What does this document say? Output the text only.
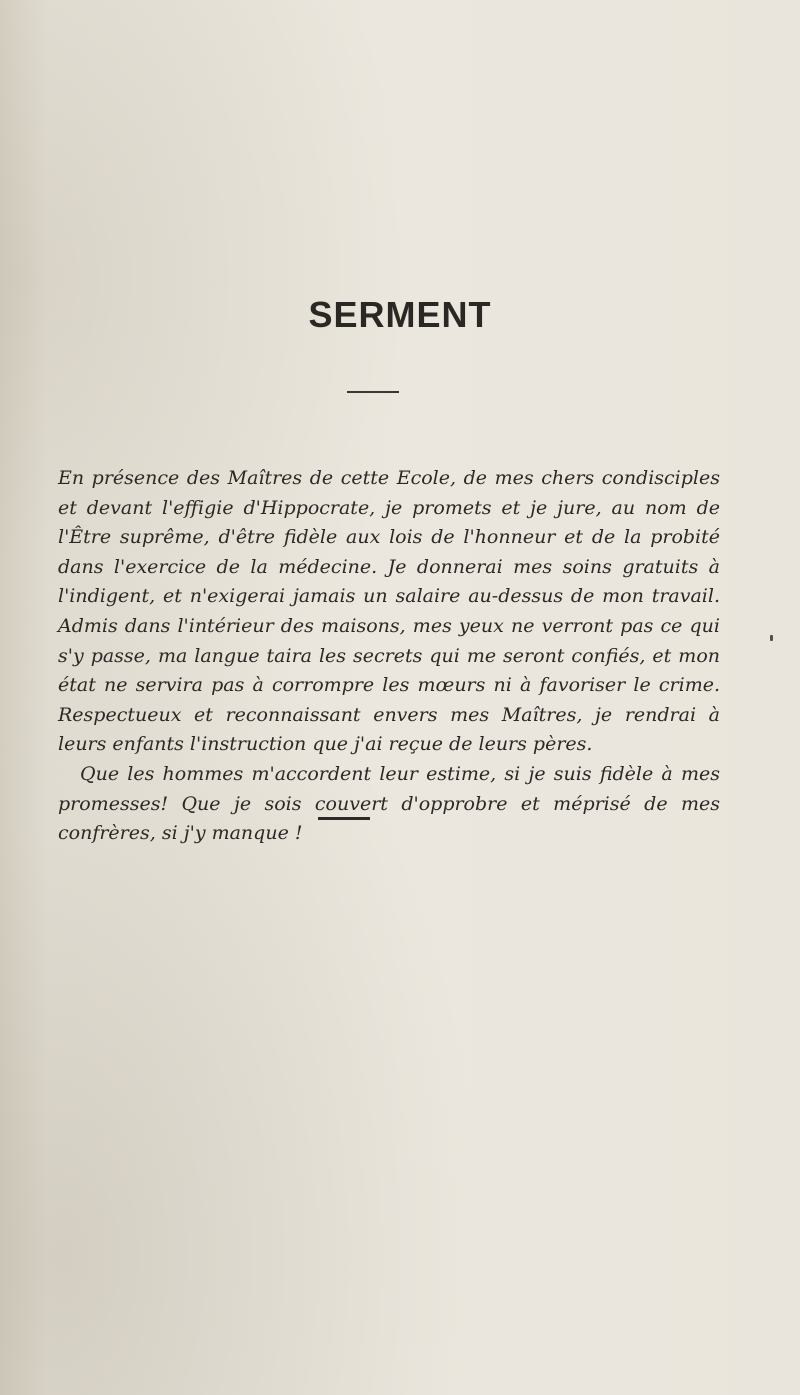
SERMENT

En présence des Maîtres de cette Ecole, de mes chers condisciples et devant l'effigie d'Hippocrate, je promets et je jure, au nom de l'Être suprême, d'être fidèle aux lois de l'honneur et de la probité dans l'exercice de la médecine. Je donnerai mes soins gratuits à l'indigent, et n'exigerai jamais un salaire au-dessus de mon travail. Admis dans l'intérieur des maisons, mes yeux ne verront pas ce qui s'y passe, ma langue taira les secrets qui me seront confiés, et mon état ne servira pas à corrompre les mœurs ni à favoriser le crime. Respectueux et reconnaissant envers mes Maîtres, je rendrai à leurs enfants l'instruction que j'ai reçue de leurs pères.

Que les hommes m'accordent leur estime, si je suis fidèle à mes promesses! Que je sois couvert d'opprobre et méprisé de mes confrères, si j'y manque !
